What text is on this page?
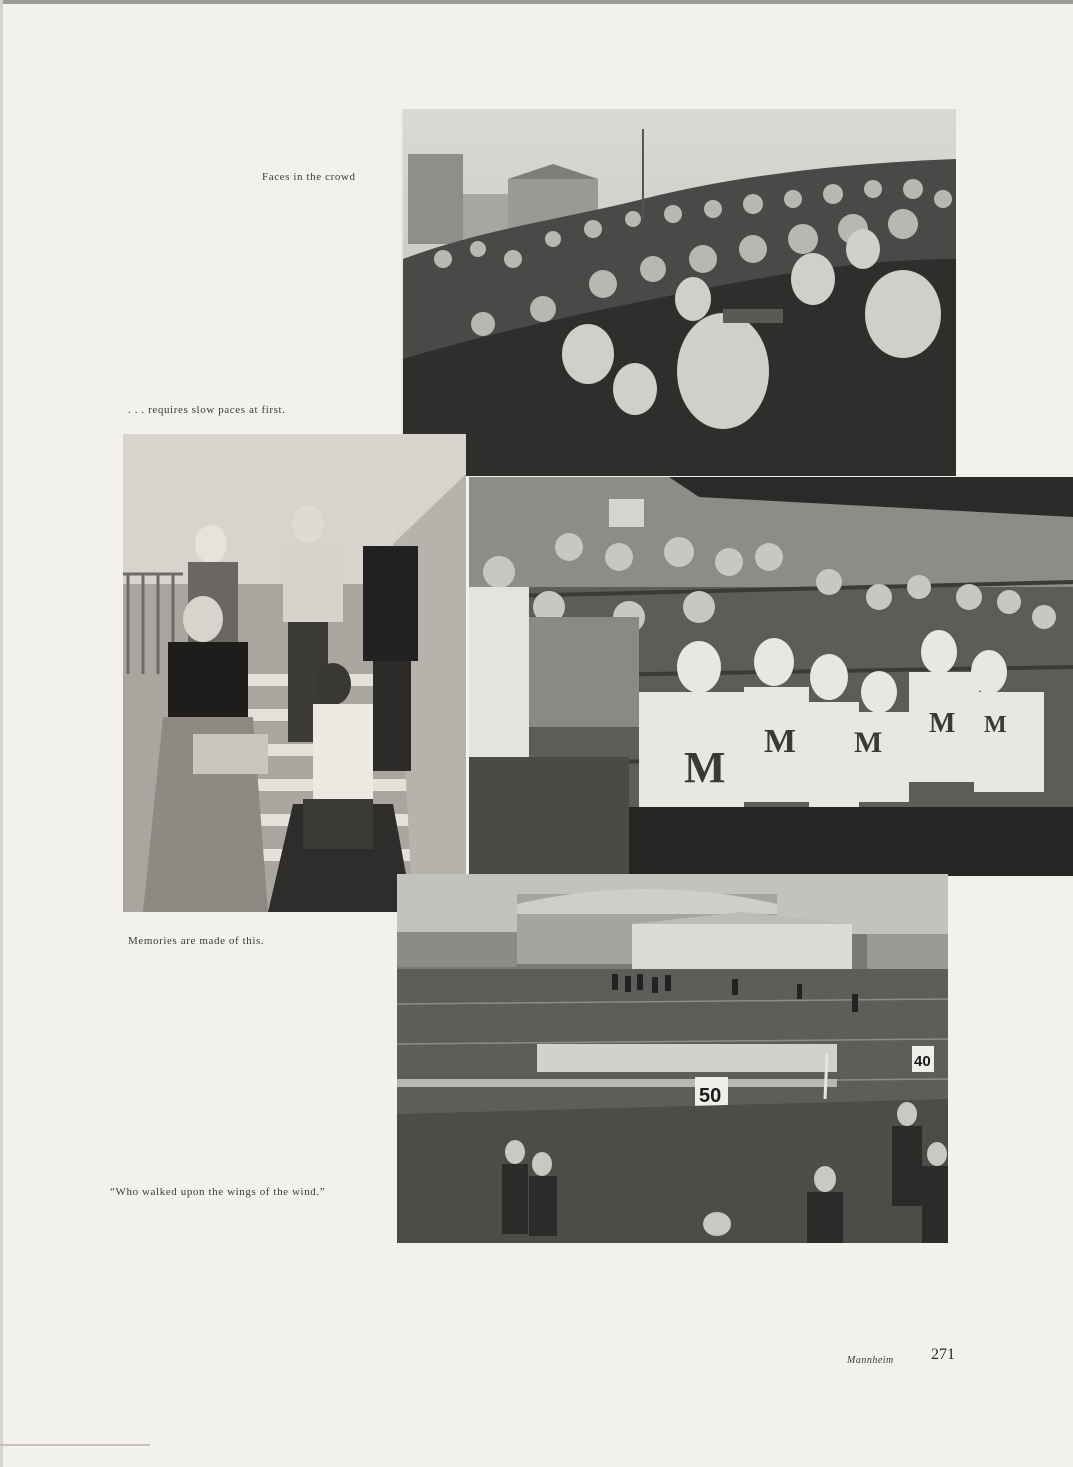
Faces in the crowd
. . . requires slow paces at first.
Memories are made of this.
“Who walked upon the wings of the wind.”
M
M M
M M
50
40
Mannheim 271
